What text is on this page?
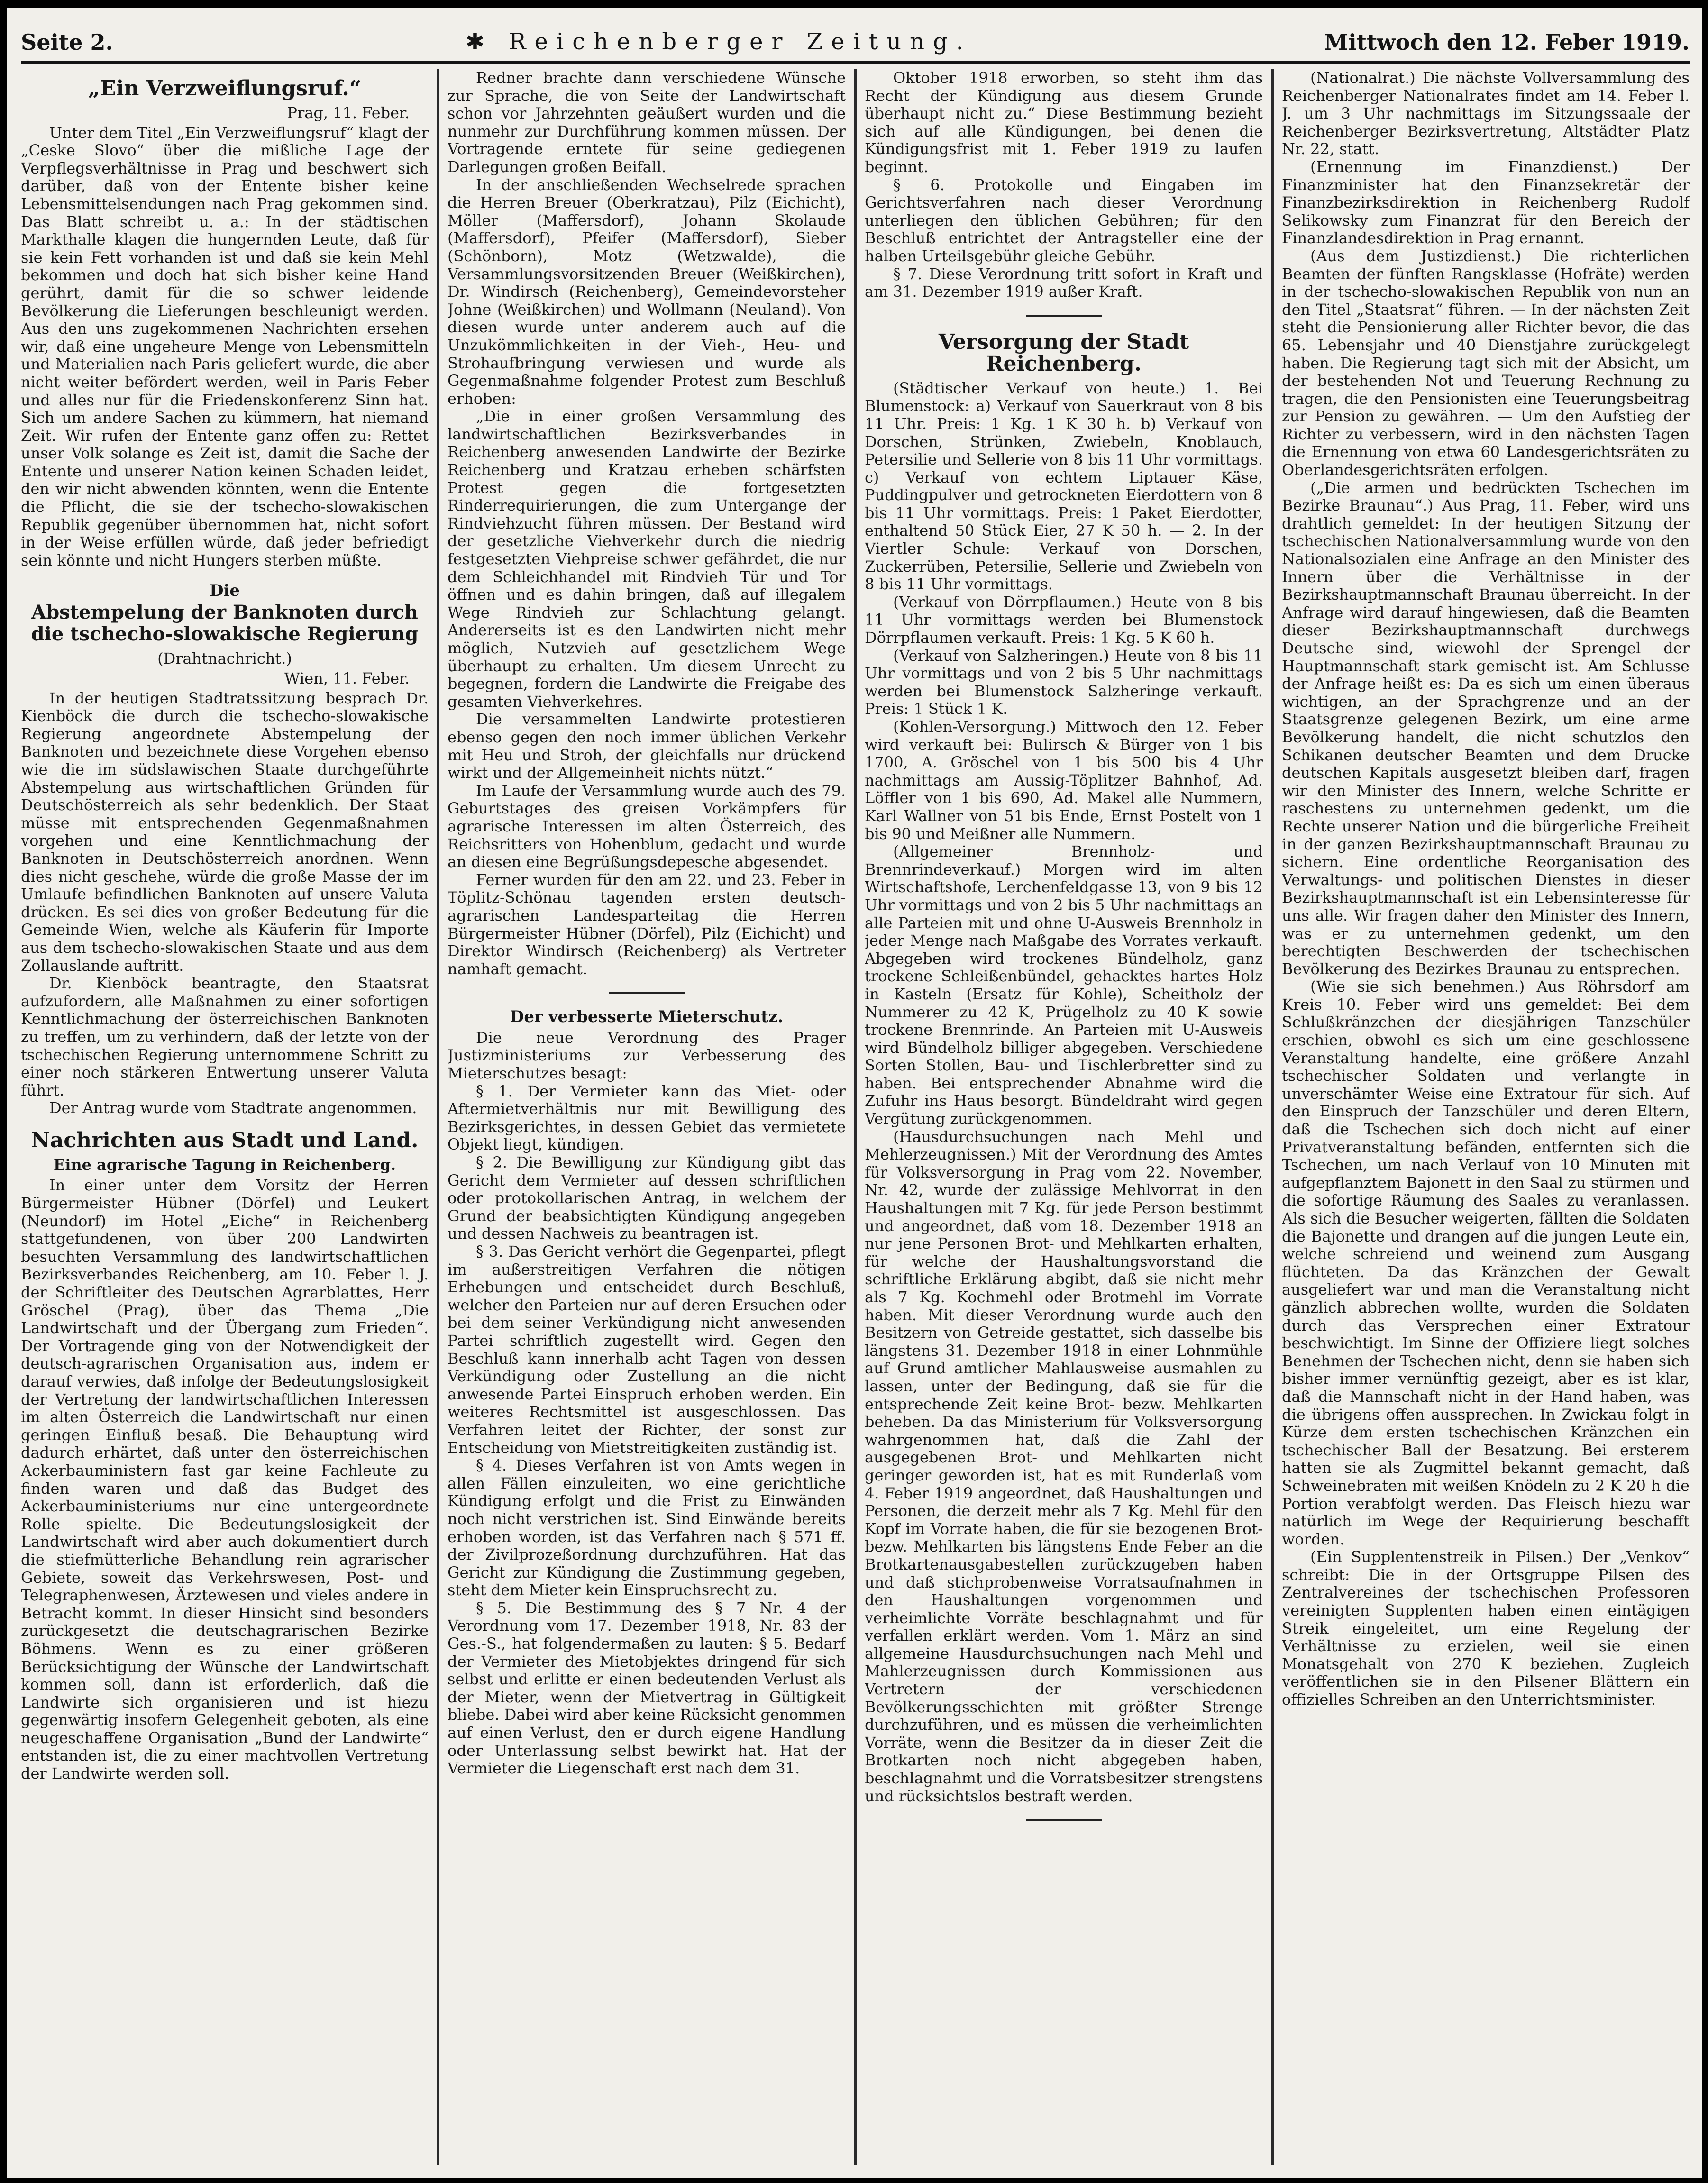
Seite 2.	✱ Reichenberger Zeitung.	Mittwoch den 12. Feber 1919.
„Ein Verzweiflungsruf.“
Prag, 11. Feber.

Unter dem Titel „Ein Verzweiflungsruf“ klagt der „Ceske Slovo“ über die mißliche Lage der Verpflegsverhältnisse in Prag und beschwert sich darüber, daß von der Entente bisher keine Lebensmittelsendungen nach Prag gekommen sind. Das Blatt schreibt u. a.: In der städtischen Markthalle klagen die hungernden Leute, daß für sie kein Fett vorhanden ist und daß sie kein Mehl bekommen und doch hat sich bisher keine Hand gerührt, damit für die so schwer leidende Bevölkerung die Lieferungen beschleunigt werden. Aus den uns zugekommenen Nachrichten ersehen wir, daß eine ungeheure Menge von Lebensmitteln und Materialien nach Paris geliefert wurde, die aber nicht weiter befördert werden, weil in Paris Feber und alles nur für die Friedenskonferenz Sinn hat. Sich um andere Sachen zu kümmern, hat niemand Zeit. Wir rufen der Entente ganz offen zu: Rettet unser Volk solange es Zeit ist, damit die Sache der Entente und unserer Nation keinen Schaden leidet, den wir nicht abwenden könnten, wenn die Entente die Pflicht, die sie der tschecho-slowakischen Republik gegenüber übernommen hat, nicht sofort in der Weise erfüllen würde, daß jeder befriedigt sein könnte und nicht Hungers sterben müßte.

Die
Abstempelung der Banknoten durch die tschecho-slowakische Regierung
(Drahtnachricht.)
Wien, 11. Feber.

In der heutigen Stadtratssitzung besprach Dr. Kienböck die durch die tschecho-slowakische Regierung angeordnete Abstempelung der Banknoten und bezeichnete diese Vorgehen ebenso wie die im südslawischen Staate durchgeführte Abstempelung aus wirtschaftlichen Gründen für Deutschösterreich als sehr bedenklich. Der Staat müsse mit entsprechenden Gegenmaßnahmen vorgehen und eine Kenntlichmachung der Banknoten in Deutschösterreich anordnen. Wenn dies nicht geschehe, würde die große Masse der im Umlaufe befindlichen Banknoten auf unsere Valuta drücken. Es sei dies von großer Bedeutung für die Gemeinde Wien, welche als Käuferin für Importe aus dem tschecho-slowakischen Staate und aus dem Zollauslande auftritt.

Dr. Kienböck beantragte, den Staatsrat aufzufordern, alle Maßnahmen zu einer sofortigen Kenntlichmachung der österreichischen Banknoten zu treffen, um zu verhindern, daß der letzte von der tschechischen Regierung unternommene Schritt zu einer noch stärkeren Entwertung unserer Valuta führt.

Der Antrag wurde vom Stadtrate angenommen.

Nachrichten aus Stadt und Land.
Eine agrarische Tagung in Reichenberg.

In einer unter dem Vorsitz der Herren Bürgermeister Hübner (Dörfel) und Leukert (Neundorf) im Hotel „Eiche“ in Reichenberg stattgefundenen, von über 200 Landwirten besuchten Versammlung des landwirtschaftlichen Bezirksverbandes Reichenberg, am 10. Feber l. J. der Schriftleiter des Deutschen Agrarblattes, Herr Gröschel (Prag), über das Thema „Die Landwirtschaft und der Übergang zum Frieden“. Der Vortragende ging von der Notwendigkeit der deutsch-agrarischen Organisation aus, indem er darauf verwies, daß infolge der Bedeutungslosigkeit der Vertretung der landwirtschaftlichen Interessen im alten Österreich die Landwirtschaft nur einen geringen Einfluß besaß. Die Behauptung wird dadurch erhärtet, daß unter den österreichischen Ackerbauministern fast gar keine Fachleute zu finden waren und daß das Budget des Ackerbauministeriums nur eine untergeordnete Rolle spielte. Die Bedeutungslosigkeit der Landwirtschaft wird aber auch dokumentiert durch die stiefmütterliche Behandlung rein agrarischer Gebiete, soweit das Verkehrswesen, Post- und Telegraphenwesen, Ärztewesen und vieles andere in Betracht kommt. In dieser Hinsicht sind besonders zurückgesetzt die deutschagrarischen Bezirke Böhmens. Wenn es zu einer größeren Berücksichtigung der Wünsche der Landwirtschaft kommen soll, dann ist erforderlich, daß die Landwirte sich organisieren und ist hiezu gegenwärtig insofern Gelegenheit geboten, als eine neugeschaffene Organisation „Bund der Landwirte“ entstanden ist, die zu einer machtvollen Vertretung der Landwirte werden soll.

Redner brachte dann verschiedene Wünsche zur Sprache, die von Seite der Landwirtschaft schon vor Jahrzehnten geäußert wurden und die nunmehr zur Durchführung kommen müssen. Der Vortragende erntete für seine gediegenen Darlegungen großen Beifall.

In der anschließenden Wechselrede sprachen die Herren Breuer (Oberkratzau), Pilz (Eichicht), Möller (Maffersdorf), Johann Skolaude (Maffersdorf), Pfeifer (Maffersdorf), Sieber (Schönborn), Motz (Wetzwalde), die Versammlungsvorsitzenden Breuer (Weißkirchen), Dr. Windirsch (Reichenberg), Gemeindevorsteher Johne (Weißkirchen) und Wollmann (Neuland). Von diesen wurde unter anderem auch auf die Unzukömmlichkeiten in der Vieh-, Heu- und Strohaufbringung verwiesen und wurde als Gegenmaßnahme folgender Protest zum Beschluß erhoben:

„Die in einer großen Versammlung des landwirtschaftlichen Bezirksverbandes in Reichenberg anwesenden Landwirte der Bezirke Reichenberg und Kratzau erheben schärfsten Protest gegen die fortgesetzten Rinderrequirierungen, die zum Untergange der Rindviehzucht führen müssen. Der Bestand wird der gesetzliche Viehverkehr durch die niedrig festgesetzten Viehpreise schwer gefährdet, die nur dem Schleichhandel mit Rindvieh Tür und Tor öffnen und es dahin bringen, daß auf illegalem Wege Rindvieh zur Schlachtung gelangt. Andererseits ist es den Landwirten nicht mehr möglich, Nutzvieh auf gesetzlichem Wege überhaupt zu erhalten. Um diesem Unrecht zu begegnen, fordern die Landwirte die Freigabe des gesamten Viehverkehres.

Die versammelten Landwirte protestieren ebenso gegen den noch immer üblichen Verkehr mit Heu und Stroh, der gleichfalls nur drückend wirkt und der Allgemeinheit nichts nützt.“

Im Laufe der Versammlung wurde auch des 79. Geburtstages des greisen Vorkämpfers für agrarische Interessen im alten Österreich, des Reichsritters von Hohenblum, gedacht und wurde an diesen eine Begrüßungsdepesche abgesendet.

Ferner wurden für den am 22. und 23. Feber in Töplitz-Schönau tagenden ersten deutsch-agrarischen Landesparteitag die Herren Bürgermeister Hübner (Dörfel), Pilz (Eichicht) und Direktor Windirsch (Reichenberg) als Vertreter namhaft gemacht.

Der verbesserte Mieterschutz.

Die neue Verordnung des Prager Justizministeriums zur Verbesserung des Mieterschutzes besagt:

§ 1. Der Vermieter kann das Miet- oder Aftermietverhältnis nur mit Bewilligung des Bezirksgerichtes, in dessen Gebiet das vermietete Objekt liegt, kündigen.

§ 2. Die Bewilligung zur Kündigung gibt das Gericht dem Vermieter auf dessen schriftlichen oder protokollarischen Antrag, in welchem der Grund der beabsichtigten Kündigung angegeben und dessen Nachweis zu beantragen ist.

§ 3. Das Gericht verhört die Gegenpartei, pflegt im außerstreitigen Verfahren die nötigen Erhebungen und entscheidet durch Beschluß, welcher den Parteien nur auf deren Ersuchen oder bei dem seiner Verkündigung nicht anwesenden Partei schriftlich zugestellt wird. Gegen den Beschluß kann innerhalb acht Tagen von dessen Verkündigung oder Zustellung an die nicht anwesende Partei Einspruch erhoben werden. Ein weiteres Rechtsmittel ist ausgeschlossen. Das Verfahren leitet der Richter, der sonst zur Entscheidung von Mietstreitigkeiten zuständig ist.

§ 4. Dieses Verfahren ist von Amts wegen in allen Fällen einzuleiten, wo eine gerichtliche Kündigung erfolgt und die Frist zu Einwänden noch nicht verstrichen ist. Sind Einwände bereits erhoben worden, ist das Verfahren nach § 571 ff. der Zivilprozeßordnung durchzuführen. Hat das Gericht zur Kündigung die Zustimmung gegeben, steht dem Mieter kein Einspruchsrecht zu.

§ 5. Die Bestimmung des § 7 Nr. 4 der Verordnung vom 17. Dezember 1918, Nr. 83 der Ges.-S., hat folgendermaßen zu lauten: § 5. Bedarf der Vermieter des Mietobjektes dringend für sich selbst und erlitte er einen bedeutenden Verlust als der Mieter, wenn der Mietvertrag in Gültigkeit bliebe. Dabei wird aber keine Rücksicht genommen auf einen Verlust, den er durch eigene Handlung oder Unterlassung selbst bewirkt hat. Hat der Vermieter die Liegenschaft erst nach dem 31.

Oktober 1918 erworben, so steht ihm das Recht der Kündigung aus diesem Grunde überhaupt nicht zu.“ Diese Bestimmung bezieht sich auf alle Kündigungen, bei denen die Kündigungsfrist mit 1. Feber 1919 zu laufen beginnt.

§ 6. Protokolle und Eingaben im Gerichtsverfahren nach dieser Verordnung unterliegen den üblichen Gebühren; für den Beschluß entrichtet der Antragsteller eine der halben Urteilsgebühr gleiche Gebühr.

§ 7. Diese Verordnung tritt sofort in Kraft und am 31. Dezember 1919 außer Kraft.

Versorgung der Stadt Reichenberg.

(Städtischer Verkauf von heute.) 1. Bei Blumenstock: a) Verkauf von Sauerkraut von 8 bis 11 Uhr. Preis: 1 Kg. 1 K 30 h. b) Verkauf von Dorschen, Strünken, Zwiebeln, Knoblauch, Petersilie und Sellerie von 8 bis 11 Uhr vormittags. c) Verkauf von echtem Liptauer Käse, Puddingpulver und getrockneten Eierdottern von 8 bis 11 Uhr vormittags. Preis: 1 Paket Eierdotter, enthaltend 50 Stück Eier, 27 K 50 h. — 2. In der Viertler Schule: Verkauf von Dorschen, Zuckerrüben, Petersilie, Sellerie und Zwiebeln von 8 bis 11 Uhr vormittags.

(Verkauf von Dörrpflaumen.) Heute von 8 bis 11 Uhr vormittags werden bei Blumenstock Dörrpflaumen verkauft. Preis: 1 Kg. 5 K 60 h.

(Verkauf von Salzheringen.) Heute von 8 bis 11 Uhr vormittags und von 2 bis 5 Uhr nachmittags werden bei Blumenstock Salzheringe verkauft. Preis: 1 Stück 1 K.

(Kohlen-Versorgung.) Mittwoch den 12. Feber wird verkauft bei: Bulirsch & Bürger von 1 bis 1700, A. Gröschel von 1 bis 500 bis 4 Uhr nachmittags am Aussig-Töplitzer Bahnhof, Ad. Löffler von 1 bis 690, Ad. Makel alle Nummern, Karl Wallner von 51 bis Ende, Ernst Postelt von 1 bis 90 und Meißner alle Nummern.

(Allgemeiner Brennholz- und Brennrindeverkauf.) Morgen wird im alten Wirtschaftshofe, Lerchenfeldgasse 13, von 9 bis 12 Uhr vormittags und von 2 bis 5 Uhr nachmittags an alle Parteien mit und ohne U-Ausweis Brennholz in jeder Menge nach Maßgabe des Vorrates verkauft. Abgegeben wird trockenes Bündelholz, ganz trockene Schleißenbündel, gehacktes hartes Holz in Kasteln (Ersatz für Kohle), Scheitholz der Nummerer zu 42 K, Prügelholz zu 40 K sowie trockene Brennrinde. An Parteien mit U-Ausweis wird Bündelholz billiger abgegeben. Verschiedene Sorten Stollen, Bau- und Tischlerbretter sind zu haben. Bei entsprechender Abnahme wird die Zufuhr ins Haus besorgt. Bündeldraht wird gegen Vergütung zurückgenommen.

(Hausdurchsuchungen nach Mehl und Mehlerzeugnissen.) Mit der Verordnung des Amtes für Volksversorgung in Prag vom 22. November, Nr. 42, wurde der zulässige Mehlvorrat in den Haushaltungen mit 7 Kg. für jede Person bestimmt und angeordnet, daß vom 18. Dezember 1918 an nur jene Personen Brot- und Mehlkarten erhalten, für welche der Haushaltungsvorstand die schriftliche Erklärung abgibt, daß sie nicht mehr als 7 Kg. Kochmehl oder Brotmehl im Vorrate haben. Mit dieser Verordnung wurde auch den Besitzern von Getreide gestattet, sich dasselbe bis längstens 31. Dezember 1918 in einer Lohnmühle auf Grund amtlicher Mahlausweise ausmahlen zu lassen, unter der Bedingung, daß sie für die entsprechende Zeit keine Brot- bezw. Mehlkarten beheben. Da das Ministerium für Volksversorgung wahrgenommen hat, daß die Zahl der ausgegebenen Brot- und Mehlkarten nicht geringer geworden ist, hat es mit Runderlaß vom 4. Feber 1919 angeordnet, daß Haushaltungen und Personen, die derzeit mehr als 7 Kg. Mehl für den Kopf im Vorrate haben, die für sie bezogenen Brot- bezw. Mehlkarten bis längstens Ende Feber an die Brotkartenausgabestellen zurückzugeben haben und daß stichprobenweise Vorratsaufnahmen in den Haushaltungen vorgenommen und verheimlichte Vorräte beschlagnahmt und für verfallen erklärt werden. Vom 1. März an sind allgemeine Hausdurchsuchungen nach Mehl und Mahlerzeugnissen durch Kommissionen aus Vertretern der verschiedenen Bevölkerungsschichten mit größter Strenge durchzuführen, und es müssen die verheimlichten Vorräte, wenn die Besitzer da in dieser Zeit die Brotkarten noch nicht abgegeben haben, beschlagnahmt und die Vorratsbesitzer strengstens und rücksichtslos bestraft werden.

(Nationalrat.) Die nächste Vollversammlung des Reichenberger Nationalrates findet am 14. Feber l. J. um 3 Uhr nachmittags im Sitzungssaale der Reichenberger Bezirksvertretung, Altstädter Platz Nr. 22, statt.

(Ernennung im Finanzdienst.) Der Finanzminister hat den Finanzsekretär der Finanzbezirksdirektion in Reichenberg Rudolf Selikowsky zum Finanzrat für den Bereich der Finanzlandesdirektion in Prag ernannt.

(Aus dem Justizdienst.) Die richterlichen Beamten der fünften Rangsklasse (Hofräte) werden in der tschecho-slowakischen Republik von nun an den Titel „Staatsrat“ führen. — In der nächsten Zeit steht die Pensionierung aller Richter bevor, die das 65. Lebensjahr und 40 Dienstjahre zurückgelegt haben. Die Regierung tagt sich mit der Absicht, um der bestehenden Not und Teuerung Rechnung zu tragen, die den Pensionisten eine Teuerungsbeitrag zur Pension zu gewähren. — Um den Aufstieg der Richter zu verbessern, wird in den nächsten Tagen die Ernennung von etwa 60 Landesgerichtsräten zu Oberlandesgerichtsräten erfolgen.

(„Die armen und bedrückten Tschechen im Bezirke Braunau“.) Aus Prag, 11. Feber, wird uns drahtlich gemeldet: In der heutigen Sitzung der tschechischen Nationalversammlung wurde von den Nationalsozialen eine Anfrage an den Minister des Innern über die Verhältnisse in der Bezirkshauptmannschaft Braunau überreicht. In der Anfrage wird darauf hingewiesen, daß die Beamten dieser Bezirkshauptmannschaft durchwegs Deutsche sind, wiewohl der Sprengel der Hauptmannschaft stark gemischt ist. Am Schlusse der Anfrage heißt es: Da es sich um einen überaus wichtigen, an der Sprachgrenze und an der Staatsgrenze gelegenen Bezirk, um eine arme Bevölkerung handelt, die nicht schutzlos den Schikanen deutscher Beamten und dem Drucke deutschen Kapitals ausgesetzt bleiben darf, fragen wir den Minister des Innern, welche Schritte er raschestens zu unternehmen gedenkt, um die Rechte unserer Nation und die bürgerliche Freiheit in der ganzen Bezirkshauptmannschaft Braunau zu sichern. Eine ordentliche Reorganisation des Verwaltungs- und politischen Dienstes in dieser Bezirkshauptmannschaft ist ein Lebensinteresse für uns alle. Wir fragen daher den Minister des Innern, was er zu unternehmen gedenkt, um den berechtigten Beschwerden der tschechischen Bevölkerung des Bezirkes Braunau zu entsprechen.

(Wie sie sich benehmen.) Aus Röhrsdorf am Kreis 10. Feber wird uns gemeldet: Bei dem Schlußkränzchen der diesjährigen Tanzschüler erschien, obwohl es sich um eine geschlossene Veranstaltung handelte, eine größere Anzahl tschechischer Soldaten und verlangte in unverschämter Weise eine Extratour für sich. Auf den Einspruch der Tanzschüler und deren Eltern, daß die Tschechen sich doch nicht auf einer Privatveranstaltung befänden, entfernten sich die Tschechen, um nach Verlauf von 10 Minuten mit aufgepflanztem Bajonett in den Saal zu stürmen und die sofortige Räumung des Saales zu veranlassen. Als sich die Besucher weigerten, fällten die Soldaten die Bajonette und drangen auf die jungen Leute ein, welche schreiend und weinend zum Ausgang flüchteten. Da das Kränzchen der Gewalt ausgeliefert war und man die Veranstaltung nicht gänzlich abbrechen wollte, wurden die Soldaten durch das Versprechen einer Extratour beschwichtigt. Im Sinne der Offiziere liegt solches Benehmen der Tschechen nicht, denn sie haben sich bisher immer vernünftig gezeigt, aber es ist klar, daß die Mannschaft nicht in der Hand haben, was die übrigens offen aussprechen. In Zwickau folgt in Kürze dem ersten tschechischen Kränzchen ein tschechischer Ball der Besatzung. Bei ersterem hatten sie als Zugmittel bekannt gemacht, daß Schweinebraten mit weißen Knödeln zu 2 K 20 h die Portion verabfolgt werden. Das Fleisch hiezu war natürlich im Wege der Requirierung beschafft worden.

(Ein Supplentenstreik in Pilsen.) Der „Venkov“ schreibt: Die in der Ortsgruppe Pilsen des Zentralvereines der tschechischen Professoren vereinigten Supplenten haben einen eintägigen Streik eingeleitet, um eine Regelung der Verhältnisse zu erzielen, weil sie einen Monatsgehalt von 270 K beziehen. Zugleich veröffentlichen sie in den Pilsener Blättern ein offizielles Schreiben an den Unterrichtsminister.
